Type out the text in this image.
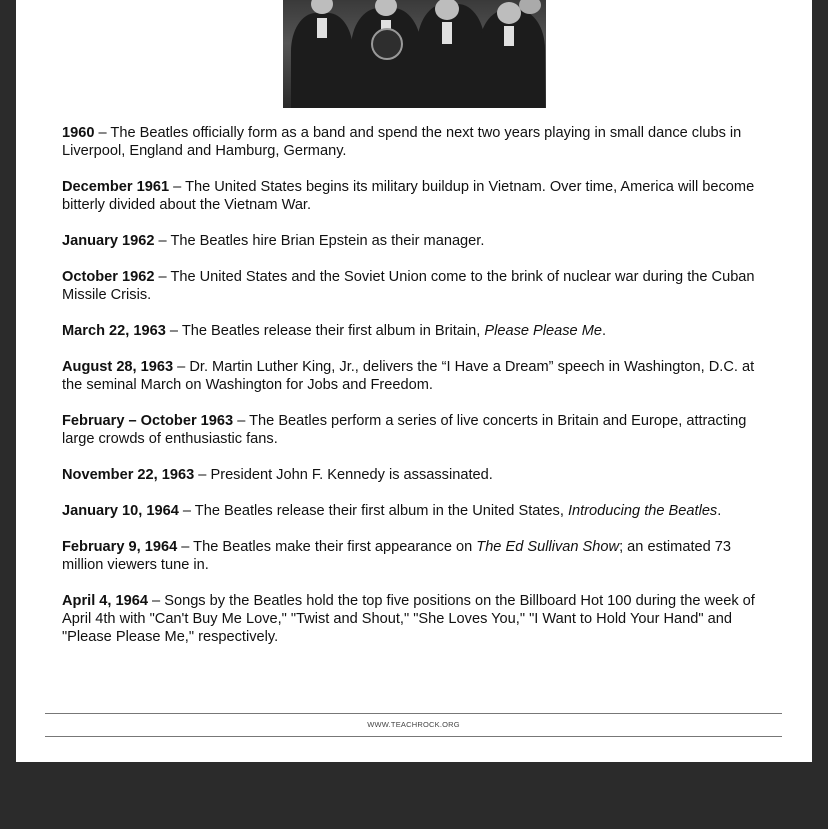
1960 – The Beatles officially form as a band and spend the next two years playing in small dance clubs in Liverpool, England and Hamburg, Germany.

December 1961 – The United States begins its military buildup in Vietnam. Over time, America will become bitterly divided about the Vietnam War.

January 1962 – The Beatles hire Brian Epstein as their manager.

October 1962 – The United States and the Soviet Union come to the brink of nuclear war during the Cuban Missile Crisis.

March 22, 1963 – The Beatles release their first album in Britain, Please Please Me.

August 28, 1963 – Dr. Martin Luther King, Jr., delivers the “I Have a Dream” speech in Washington, D.C. at the seminal March on Washington for Jobs and Freedom.

February – October 1963 – The Beatles perform a series of live concerts in Britain and Europe, attracting large crowds of enthusiastic fans.

November 22, 1963 – President John F. Kennedy is assassinated.

January 10, 1964 – The Beatles release their first album in the United States, Introducing the Beatles.

February 9, 1964 – The Beatles make their first appearance on The Ed Sullivan Show; an estimated 73 million viewers tune in.

April 4, 1964 – Songs by the Beatles hold the top five positions on the Billboard Hot 100 during the week of April 4th with "Can't Buy Me Love," "Twist and Shout," "She Loves You," "I Want to Hold Your Hand" and "Please Please Me," respectively.

WWW.TEACHROCK.ORG
